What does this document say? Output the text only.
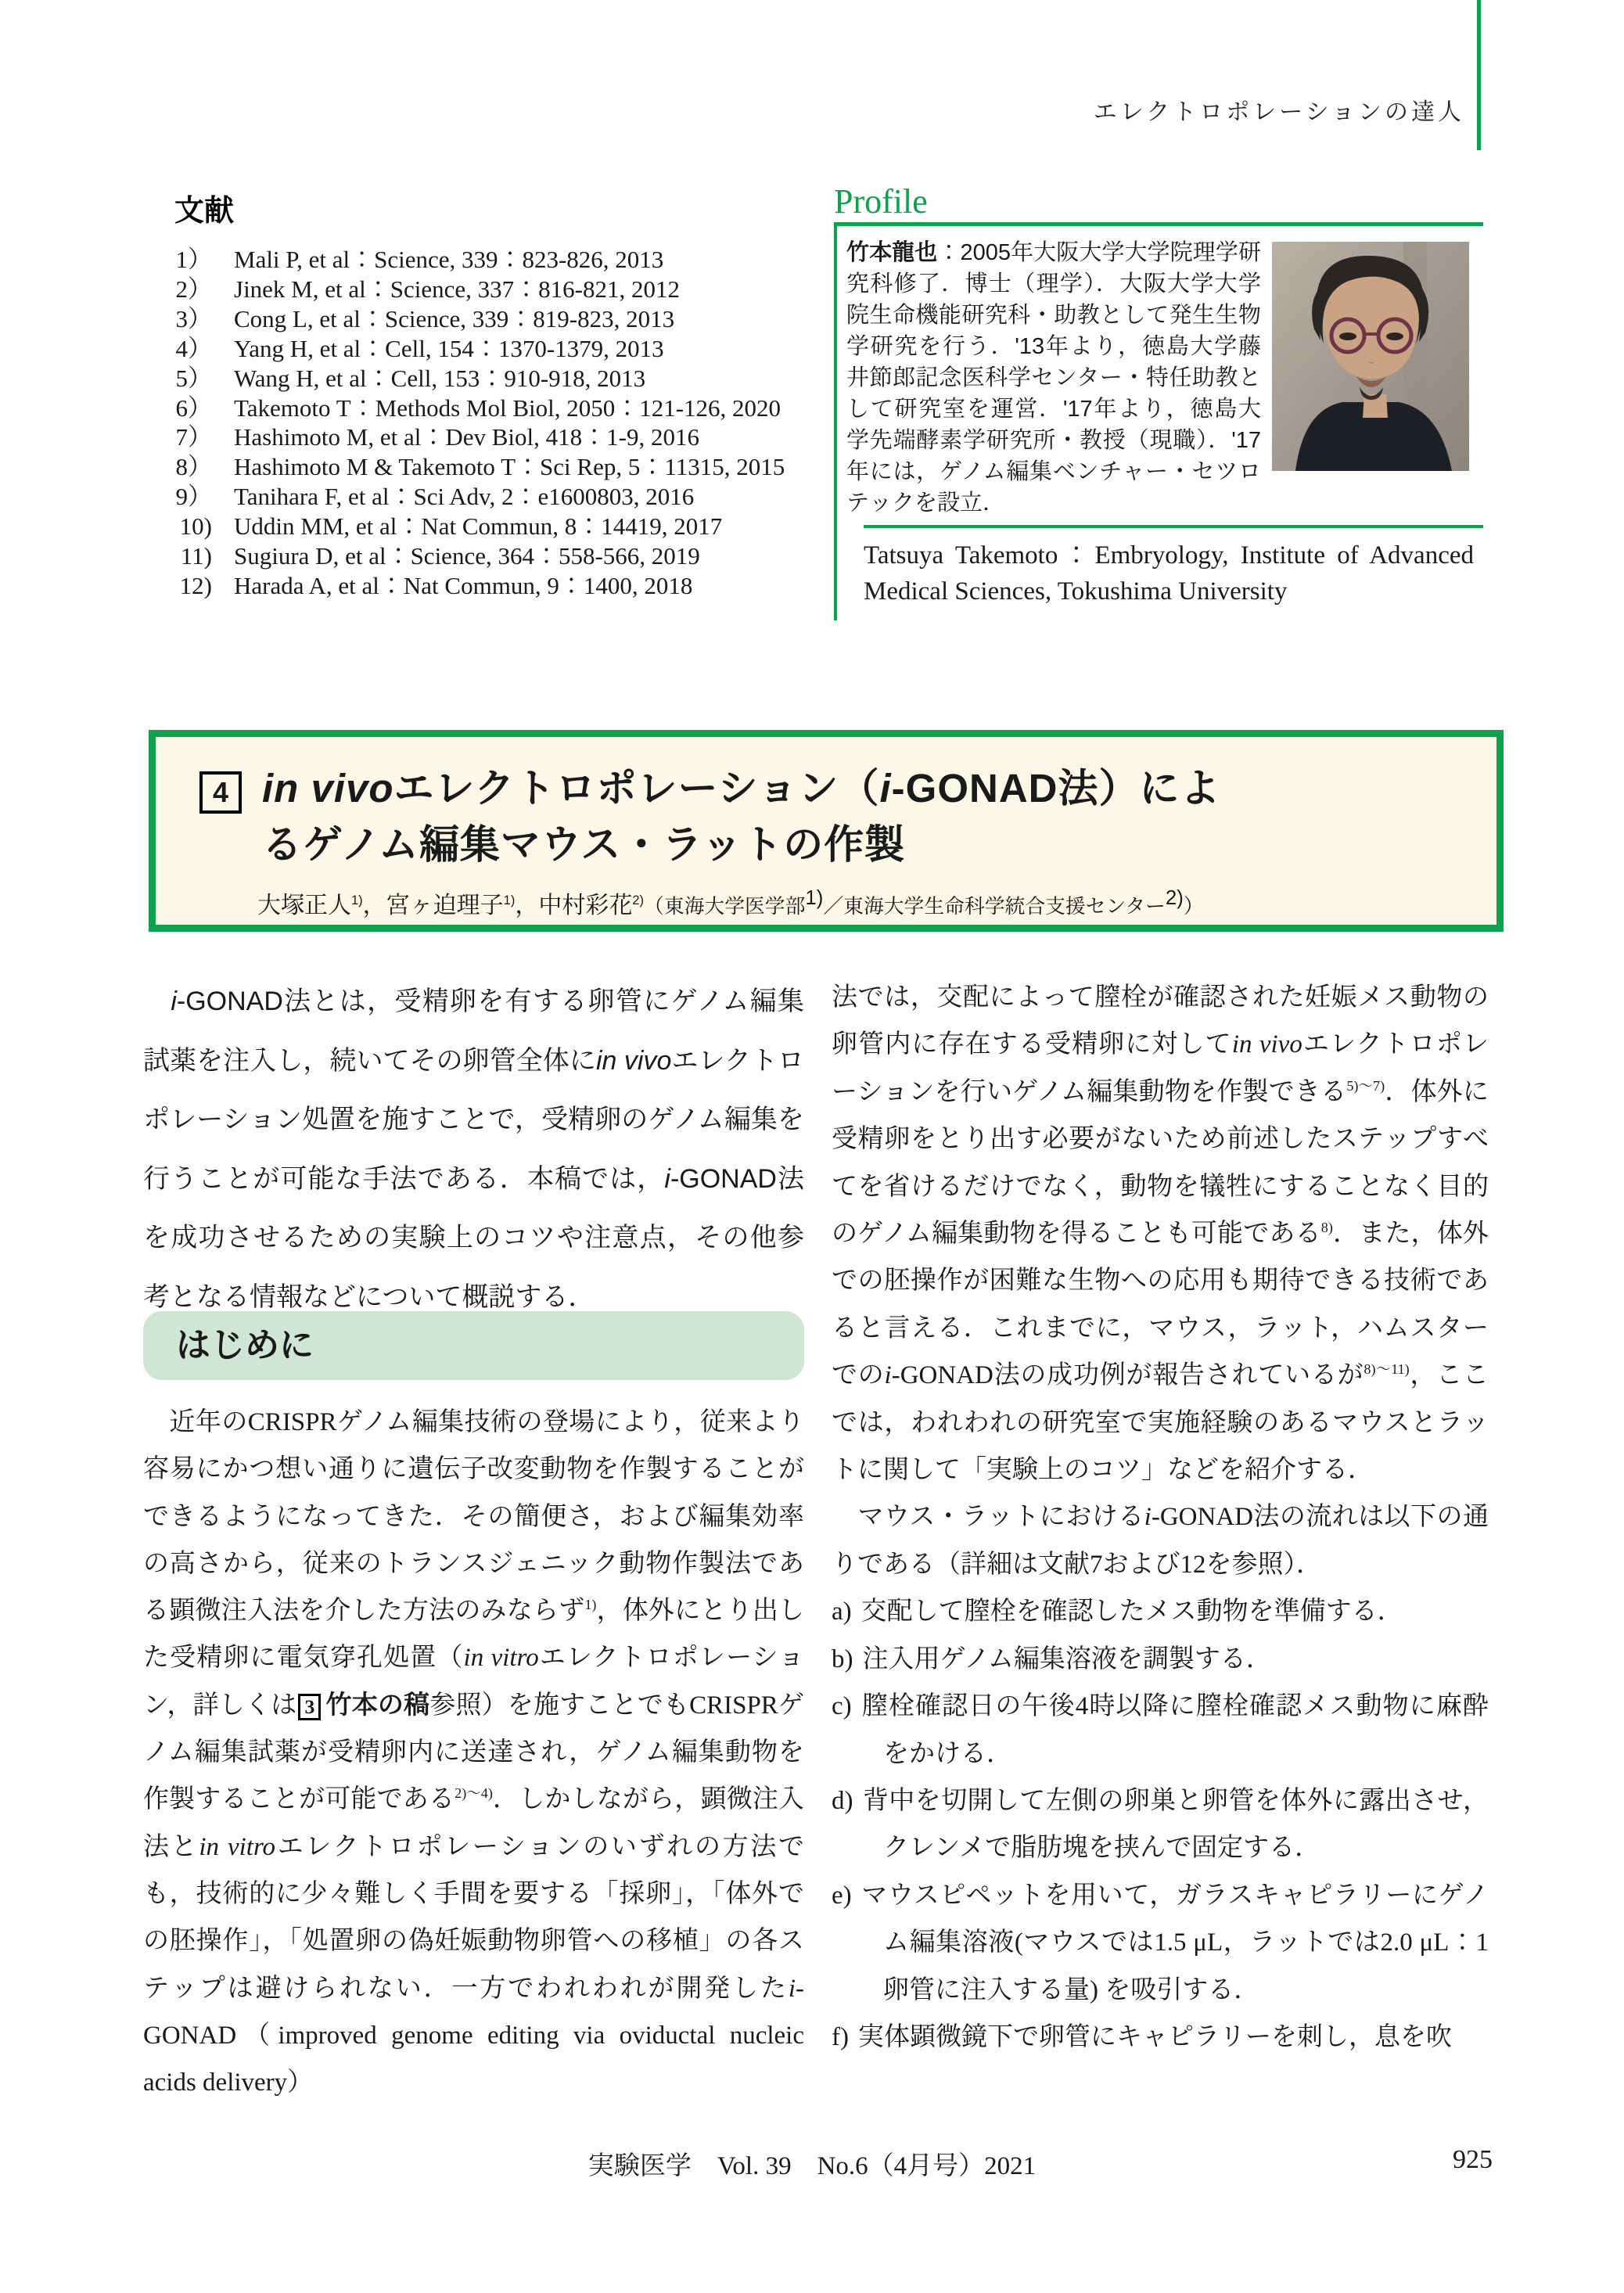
エレクトロポレーションの達人
文献
1） Mali P, et al：Science, 339：823-826, 2013
2） Jinek M, et al：Science, 337：816-821, 2012
3） Cong L, et al：Science, 339：819-823, 2013
4） Yang H, et al：Cell, 154：1370-1379, 2013
5） Wang H, et al：Cell, 153：910-918, 2013
6） Takemoto T：Methods Mol Biol, 2050：121-126, 2020
7） Hashimoto M, et al：Dev Biol, 418：1-9, 2016
8） Hashimoto M & Takemoto T：Sci Rep, 5：11315, 2015
9） Tanihara F, et al：Sci Adv, 2：e1600803, 2016
10) Uddin MM, et al：Nat Commun, 8：14419, 2017
11) Sugiura D, et al：Science, 364：558-566, 2019
12) Harada A, et al：Nat Commun, 9：1400, 2018
Profile
竹本龍也：2005年大阪大学大学院理学研究科修了．博士（理学）．大阪大学大学院生命機能研究科・助教として発生生物学研究を行う．'13年より，徳島大学藤井節郎記念医科学センター・特任助教として研究室を運営．'17年より，徳島大学先端酵素学研究所・教授（現職）．'17年には，ゲノム編集ベンチャー・セツロテックを設立．
Tatsuya Takemoto：Embryology, Institute of Advanced Medical Sciences, Tokushima University
4 in vivoエレクトロポレーション（i-GONAD法）によ
るゲノム編集マウス・ラットの作製
大塚正人$^{1)}$，宮ヶ迫理子$^{1)}$，中村彩花$^{2)}$（東海大学医学部1)／東海大学生命科学統合支援センター2)）
　i-GONAD法とは，受精卵を有する卵管にゲノム編集試薬を注入し，続いてその卵管全体にin vivoエレクトロポレーション処置を施すことで，受精卵のゲノム編集を行うことが可能な手法である．本稿では，i-GONAD法を成功させるための実験上のコツや注意点，その他参考となる情報などについて概説する．
はじめに
　近年のCRISPRゲノム編集技術の登場により，従来より容易にかつ想い通りに遺伝子改変動物を作製することができるようになってきた．その簡便さ，および編集効率の高さから，従来のトランスジェニック動物作製法である顕微注入法を介した方法のみならず$^{1)}$，体外にとり出した受精卵に電気穿孔処置（in vitroエレクトロポレーション，詳しくは 3 竹本の稿参照）を施すことでもCRISPRゲノム編集試薬が受精卵内に送達され，ゲノム編集動物を作製することが可能である$^{2)\sim 4)}$．しかしながら，顕微注入法とin vitroエレクトロポレーションのいずれの方法でも，技術的に少々難しく手間を要する「採卵」，「体外での胚操作」，「処置卵の偽妊娠動物卵管への移植」の各ステップは避けられない．一方でわれわれが開発したi-GONAD（improved genome editing via oviductal nucleic acids delivery）
法では，交配によって膣栓が確認された妊娠メス動物の卵管内に存在する受精卵に対してin vivoエレクトロポレーションを行いゲノム編集動物を作製できる$^{5)\sim 7)}$．体外に受精卵をとり出す必要がないため前述したステップすべてを省けるだけでなく，動物を犠牲にすることなく目的のゲノム編集動物を得ることも可能である$^{8)}$．また，体外での胚操作が困難な生物への応用も期待できる技術であると言える．これまでに，マウス，ラット，ハムスターでのi-GONAD法の成功例が報告されているが$^{8)\sim 11)}$，ここでは，われわれの研究室で実施経験のあるマウスとラットに関して「実験上のコツ」などを紹介する．
　マウス・ラットにおけるi-GONAD法の流れは以下の通りである（詳細は文献7および12を参照）．
a) 交配して膣栓を確認したメス動物を準備する．
b) 注入用ゲノム編集溶液を調製する．
c) 膣栓確認日の午後4時以降に膣栓確認メス動物に麻酔をかける．
d) 背中を切開して左側の卵巣と卵管を体外に露出させ，クレンメで脂肪塊を挟んで固定する．
e) マウスピペットを用いて，ガラスキャピラリーにゲノム編集溶液(マウスでは1.5 μL，ラットでは2.0 μL：1卵管に注入する量) を吸引する．
f) 実体顕微鏡下で卵管にキャピラリーを刺し，息を吹
実験医学　Vol. 39　No.6（4月号）2021	925
